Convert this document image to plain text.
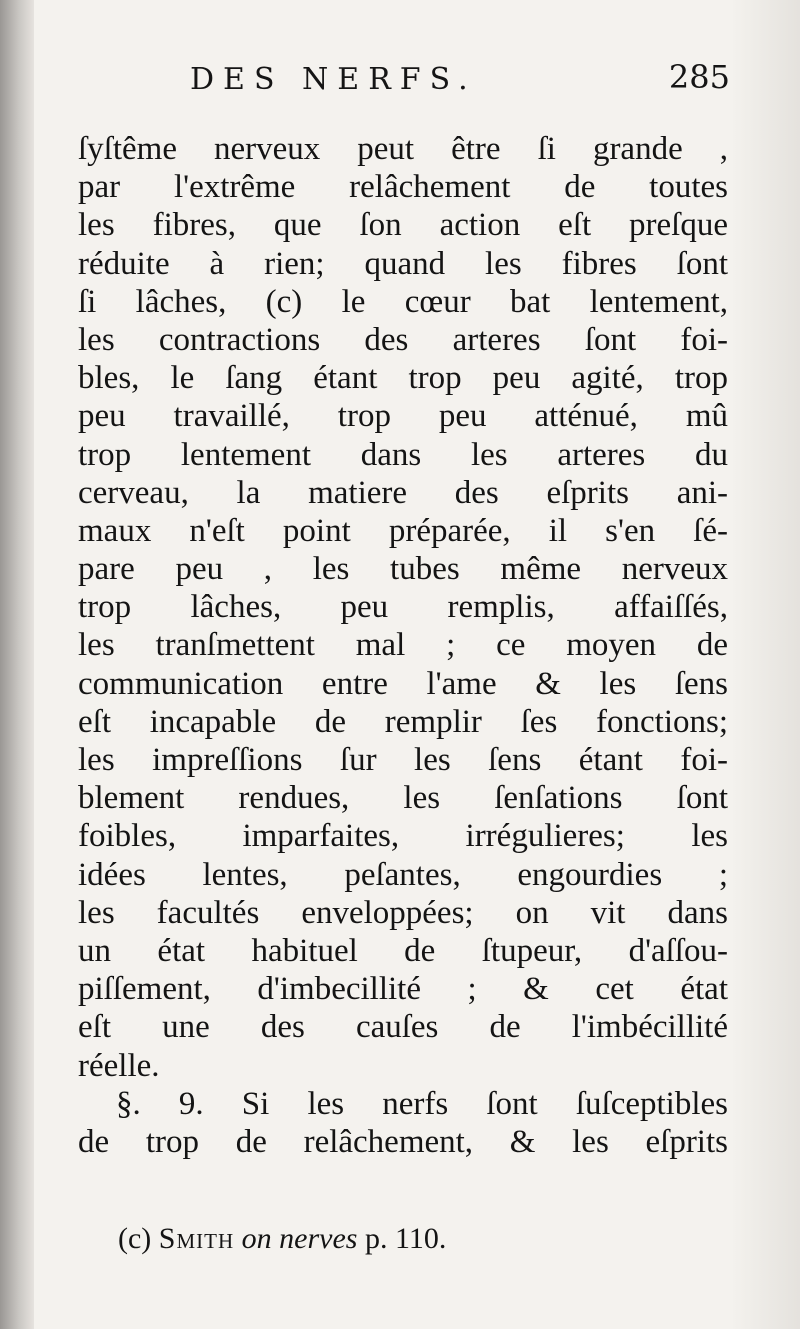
DES NERFS.	285
ſyſtême nerveux peut être ſi grande ,
par l'extrême relâchement de toutes
les fibres, que ſon action eſt preſque
réduite à rien; quand les fibres ſont
ſi lâches, (c) le cœur bat lentement,
les contractions des arteres ſont foi-
bles, le ſang étant trop peu agité, trop
peu travaillé, trop peu atténué, mû
trop lentement dans les arteres du
cerveau, la matiere des eſprits ani-
maux n'eſt point préparée, il s'en ſé-
pare peu , les tubes même nerveux
trop lâches, peu remplis, affaiſſés,
les tranſmettent mal ; ce moyen de
communication entre l'ame & les ſens
eſt incapable de remplir ſes fonctions;
les impreſſions ſur les ſens étant foi-
blement rendues, les ſenſations ſont
foibles, imparfaites, irrégulieres; les
idées lentes, peſantes, engourdies ;
les facultés enveloppées; on vit dans
un état habituel de ſtupeur, d'aſſou-
piſſement, d'imbecillité ; & cet état
eſt une des cauſes de l'imbécillité
réelle.
§. 9. Si les nerfs ſont ſuſceptibles
de trop de relâchement, & les eſprits
(c) Smith on nerves p. 110.
